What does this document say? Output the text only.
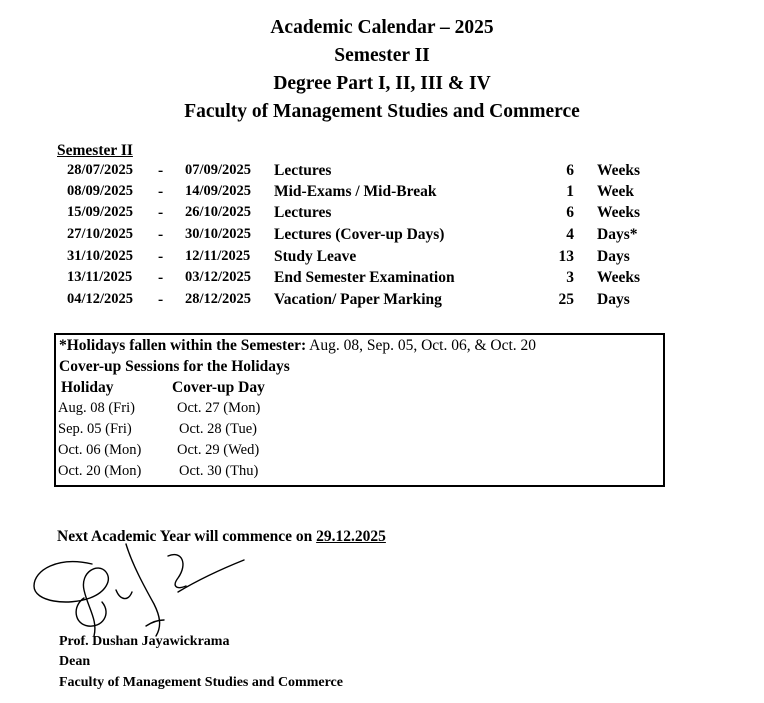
Academic Calendar – 2025
Semester II
Degree Part I, II, III & IV
Faculty of Management Studies and Commerce
Semester II
28/07/2025 - 07/09/2025 Lectures	6 Weeks
08/09/2025 - 14/09/2025 Mid-Exams / Mid-Break	1 Week
15/09/2025 - 26/10/2025 Lectures	6 Weeks
27/10/2025 - 30/10/2025 Lectures (Cover-up Days)	4 Days*
31/10/2025 - 12/11/2025 Study Leave	13 Days
13/11/2025 - 03/12/2025 End Semester Examination	3 Weeks
04/12/2025 - 28/12/2025 Vacation/ Paper Marking	25 Days
*Holidays fallen within the Semester: Aug. 08, Sep. 05, Oct. 06, & Oct. 20
Cover-up Sessions for the Holidays
Holiday	Cover-up Day
Aug. 08 (Fri)	Oct. 27 (Mon)
Sep. 05 (Fri)	Oct. 28 (Tue)
Oct. 06 (Mon) Oct. 29 (Wed)
Oct. 20 (Mon)	Oct. 30 (Thu)
Next Academic Year will commence on 29.12.2025
Prof. Dushan Jayawickrama
Dean
Faculty of Management Studies and Commerce
